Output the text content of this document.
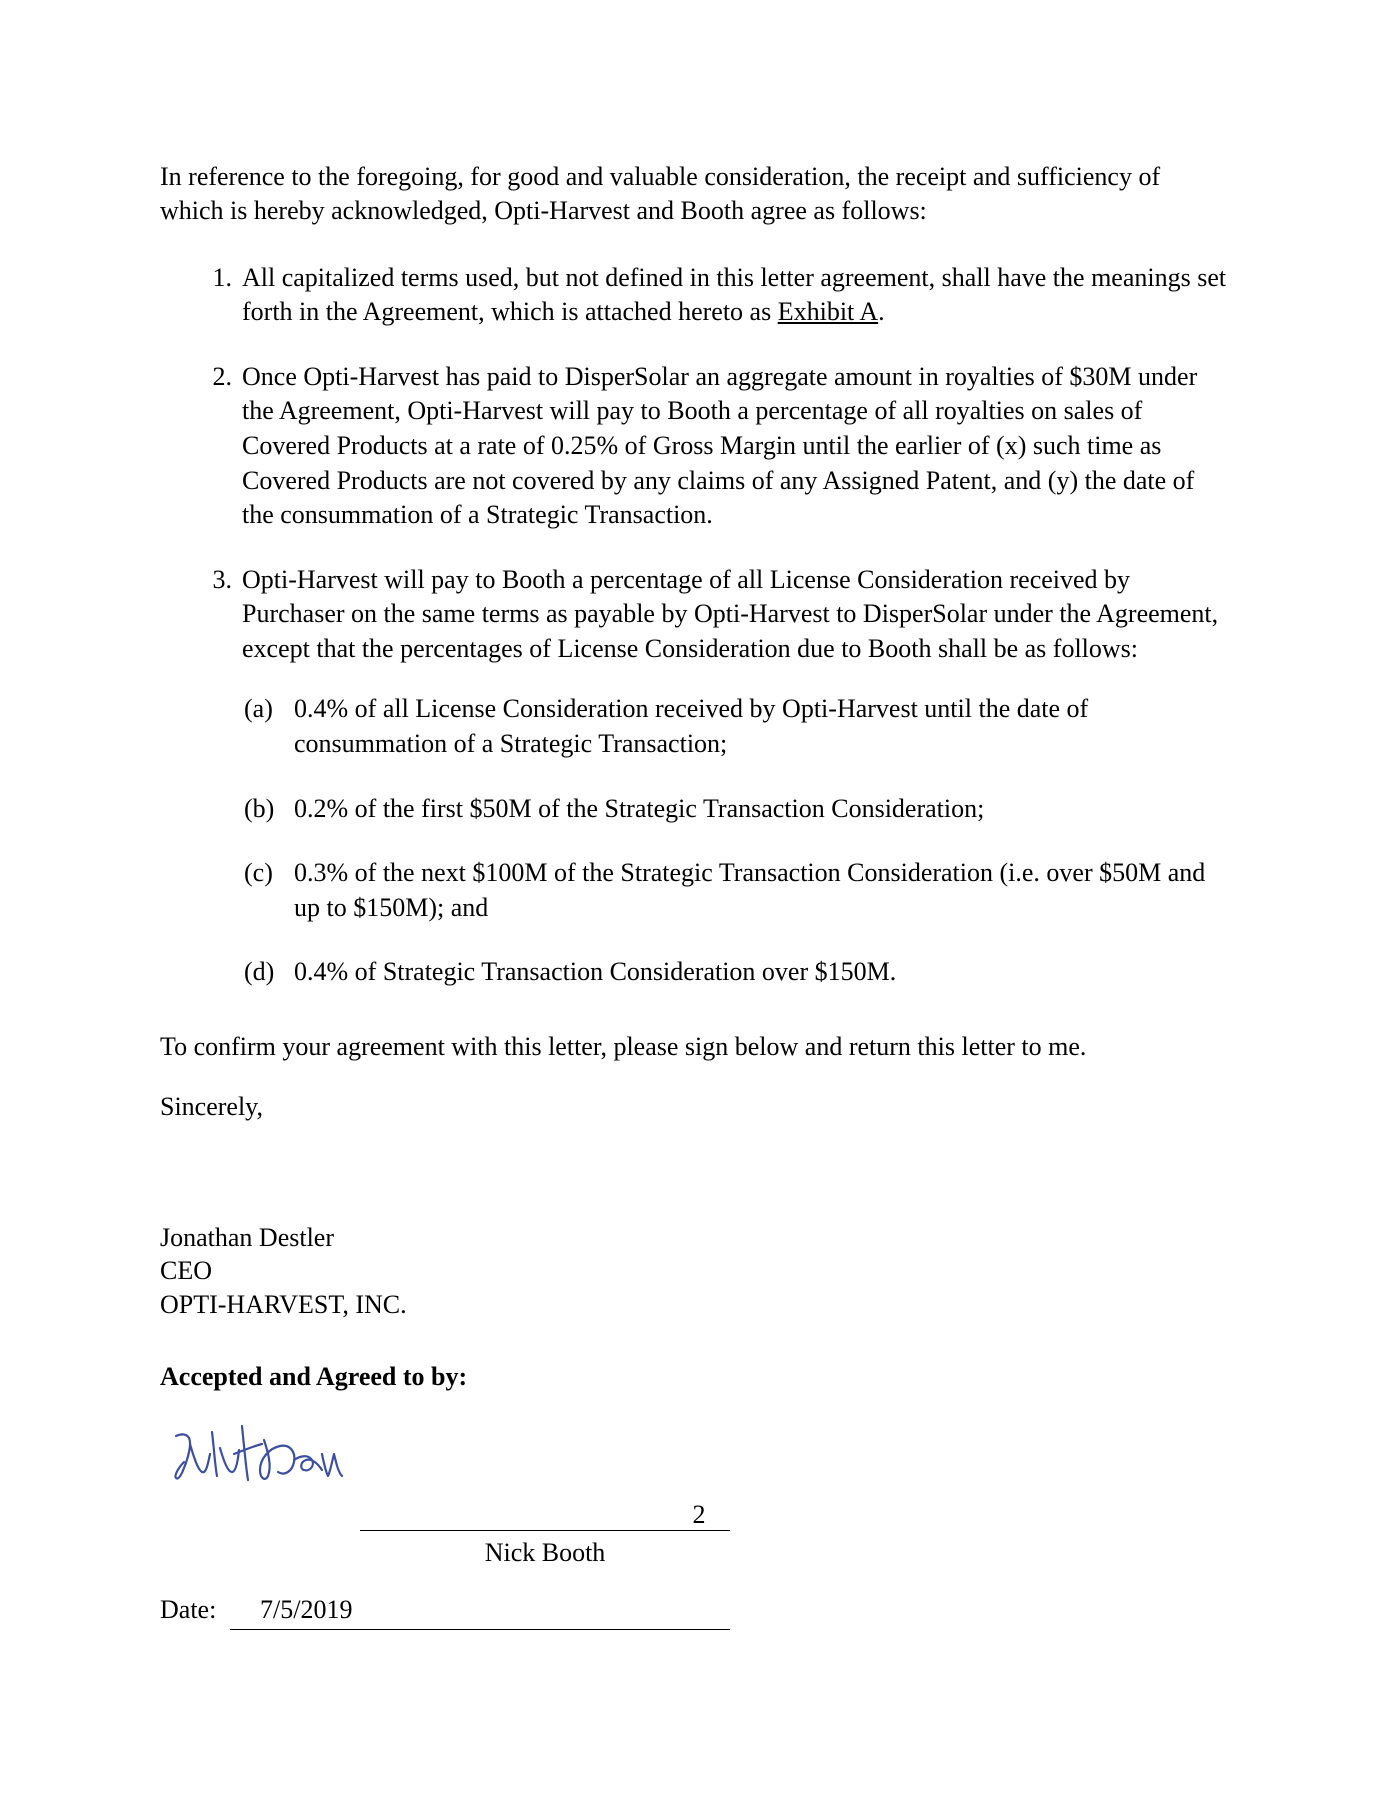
In reference to the foregoing, for good and valuable consideration, the receipt and sufficiency of which is hereby acknowledged, Opti-Harvest and Booth agree as follows:

1. All capitalized terms used, but not defined in this letter agreement, shall have the meanings set forth in the Agreement, which is attached hereto as Exhibit A.
2. Once Opti-Harvest has paid to DisperSolar an aggregate amount in royalties of $30M under the Agreement, Opti-Harvest will pay to Booth a percentage of all royalties on sales of Covered Products at a rate of 0.25% of Gross Margin until the earlier of (x) such time as Covered Products are not covered by any claims of any Assigned Patent, and (y) the date of the consummation of a Strategic Transaction.
3. Opti-Harvest will pay to Booth a percentage of all License Consideration received by Purchaser on the same terms as payable by Opti-Harvest to DisperSolar under the Agreement, except that the percentages of License Consideration due to Booth shall be as follows:
(a) 0.4% of all License Consideration received by Opti-Harvest until the date of consummation of a Strategic Transaction;
(b) 0.2% of the first $50M of the Strategic Transaction Consideration;
(c) 0.3% of the next $100M of the Strategic Transaction Consideration (i.e. over $50M and up to $150M); and
(d) 0.4% of Strategic Transaction Consideration over $150M.

To confirm your agreement with this letter, please sign below and return this letter to me.

Sincerely,

Jonathan Destler
CEO
OPTI-HARVEST, INC.
Accepted and Agreed to by:
Nick Booth
Date: 7/5/2019
2
